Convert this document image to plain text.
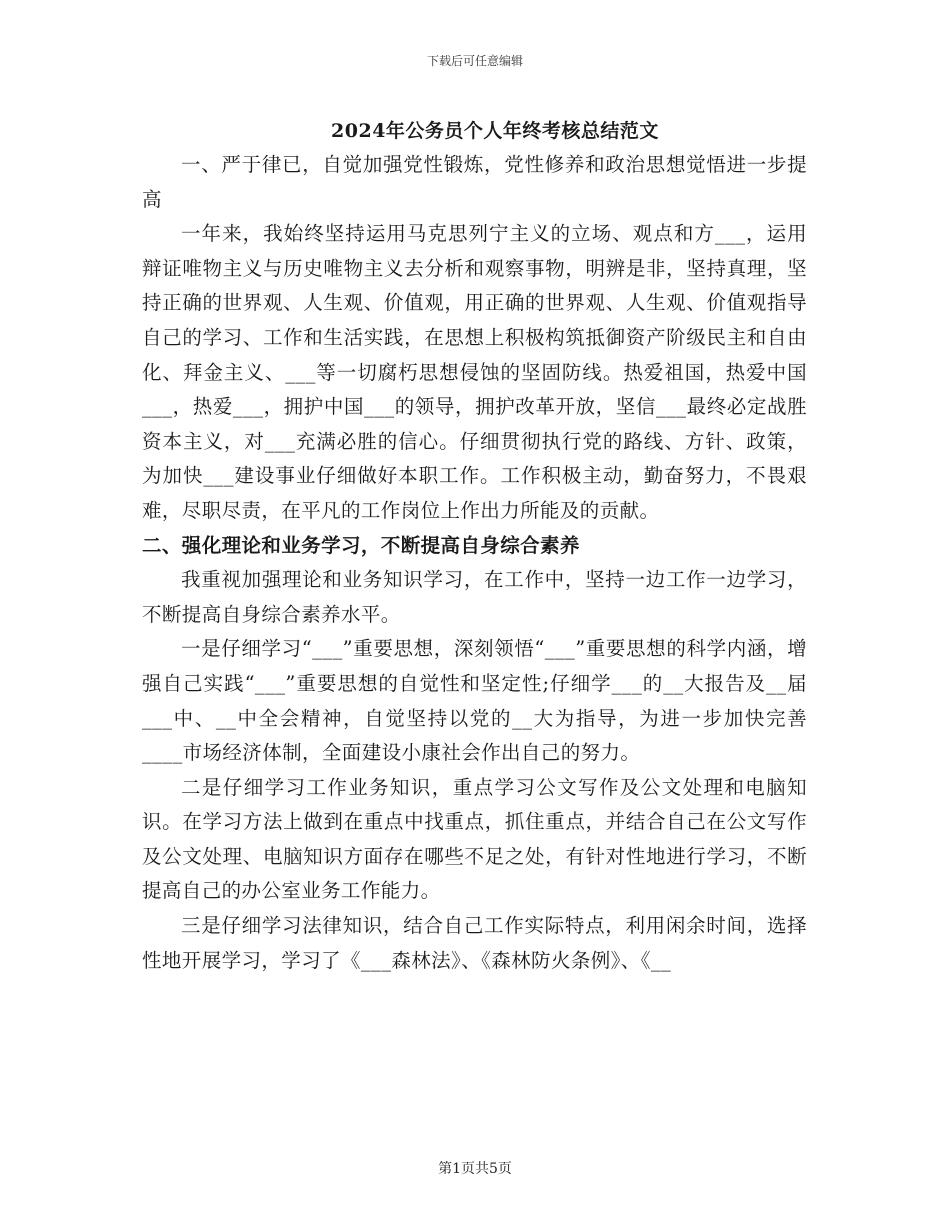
下载后可任意编辑
2024年公务员个人年终考核总结范文

一、严于律已，自觉加强党性锻炼，党性修养和政治思想觉悟进一步提高

一年来，我始终坚持运用马克思列宁主义的立场、观点和方___，运用辩证唯物主义与历史唯物主义去分析和观察事物，明辨是非，坚持真理，坚持正确的世界观、人生观、价值观，用正确的世界观、人生观、价值观指导自己的学习、工作和生活实践，在思想上积极构筑抵御资产阶级民主和自由化、拜金主义、___等一切腐朽思想侵蚀的坚固防线。热爱祖国，热爱中国___，热爱___，拥护中国___的领导，拥护改革开放，坚信___最终必定战胜资本主义，对___充满必胜的信心。仔细贯彻执行党的路线、方针、政策，为加快___建设事业仔细做好本职工作。工作积极主动，勤奋努力，不畏艰难，尽职尽责，在平凡的工作岗位上作出力所能及的贡献。

二、强化理论和业务学习，不断提高自身综合素养

我重视加强理论和业务知识学习，在工作中，坚持一边工作一边学习，不断提高自身综合素养水平。

一是仔细学习“___”重要思想，深刻领悟“___”重要思想的科学内涵，增强自己实践“___”重要思想的自觉性和坚定性;仔细学___的__大报告及__届___中、__中全会精神，自觉坚持以党的__大为指导，为进一步加快完善____市场经济体制，全面建设小康社会作出自己的努力。

二是仔细学习工作业务知识，重点学习公文写作及公文处理和电脑知识。在学习方法上做到在重点中找重点，抓住重点，并结合自己在公文写作及公文处理、电脑知识方面存在哪些不足之处，有针对性地进行学习，不断提高自己的办公室业务工作能力。

三是仔细学习法律知识，结合自己工作实际特点，利用闲余时间，选择性地开展学习，学习了《___森林法》、《森林防火条例》、《__

第1页共5页
